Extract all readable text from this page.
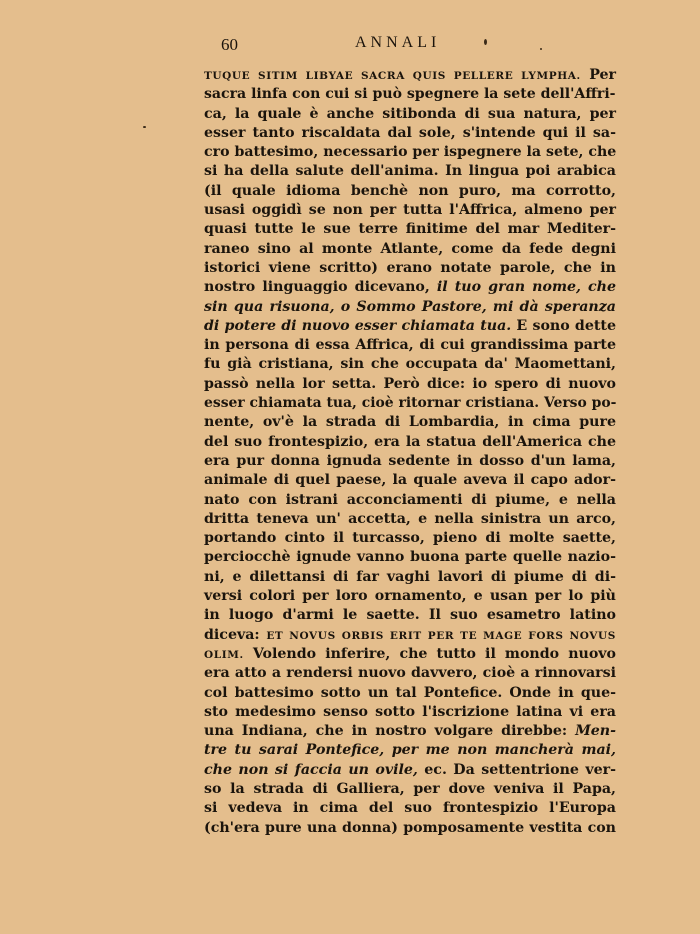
60	ANNALI
TUQUE SITIM LIBYAE SACRA QUIS PELLERE LYMPHA. Per
sacra linfa con cui si può spegnere la sete dell'Affri-
ca, la quale è anche sitibonda di sua natura, per
esser tanto riscaldata dal sole, s'intende qui il sa-
cro battesimo, necessario per ispegnere la sete, che
si ha della salute dell'anima. In lingua poi arabica
(il quale idioma benchè non puro, ma corrotto,
usasi oggidì se non per tutta l'Affrica, almeno per
quasi tutte le sue terre finitime del mar Mediter-
raneo sino al monte Atlante, come da fede degni
istorici viene scritto) erano notate parole, che in
nostro linguaggio dicevano, il tuo gran nome, che
sin qua risuona, o Sommo Pastore, mi dà speranza
di potere di nuovo esser chiamata tua. E sono dette
in persona di essa Affrica, di cui grandissima parte
fu già cristiana, sin che occupata da' Maomettani,
passò nella lor setta. Però dice: io spero di nuovo
esser chiamata tua, cioè ritornar cristiana. Verso po-
nente, ov'è la strada di Lombardia, in cima pure
del suo frontespizio, era la statua dell'America che
era pur donna ignuda sedente in dosso d'un lama,
animale di quel paese, la quale aveva il capo ador-
nato con istrani acconciamenti di piume, e nella
dritta teneva un' accetta, e nella sinistra un arco,
portando cinto il turcasso, pieno di molte saette,
perciocchè ignude vanno buona parte quelle nazio-
ni, e dilettansi di far vaghi lavori di piume di di-
versi colori per loro ornamento, e usan per lo più
in luogo d'armi le saette. Il suo esametro latino
diceva: ET NOVUS ORBIS ERIT PER TE MAGE FORS NOVUS
OLIM. Volendo inferire, che tutto il mondo nuovo
era atto a rendersi nuovo davvero, cioè a rinnovarsi
col battesimo sotto un tal Pontefice. Onde in que-
sto medesimo senso sotto l'iscrizione latina vi era
una Indiana, che in nostro volgare direbbe: Men-
tre tu sarai Pontefice, per me non mancherà mai,
che non si faccia un ovile, ec. Da settentrione ver-
so la strada di Galliera, per dove veniva il Papa,
si vedeva in cima del suo frontespizio l'Europa
(ch'era pure una donna) pomposamente vestita con
